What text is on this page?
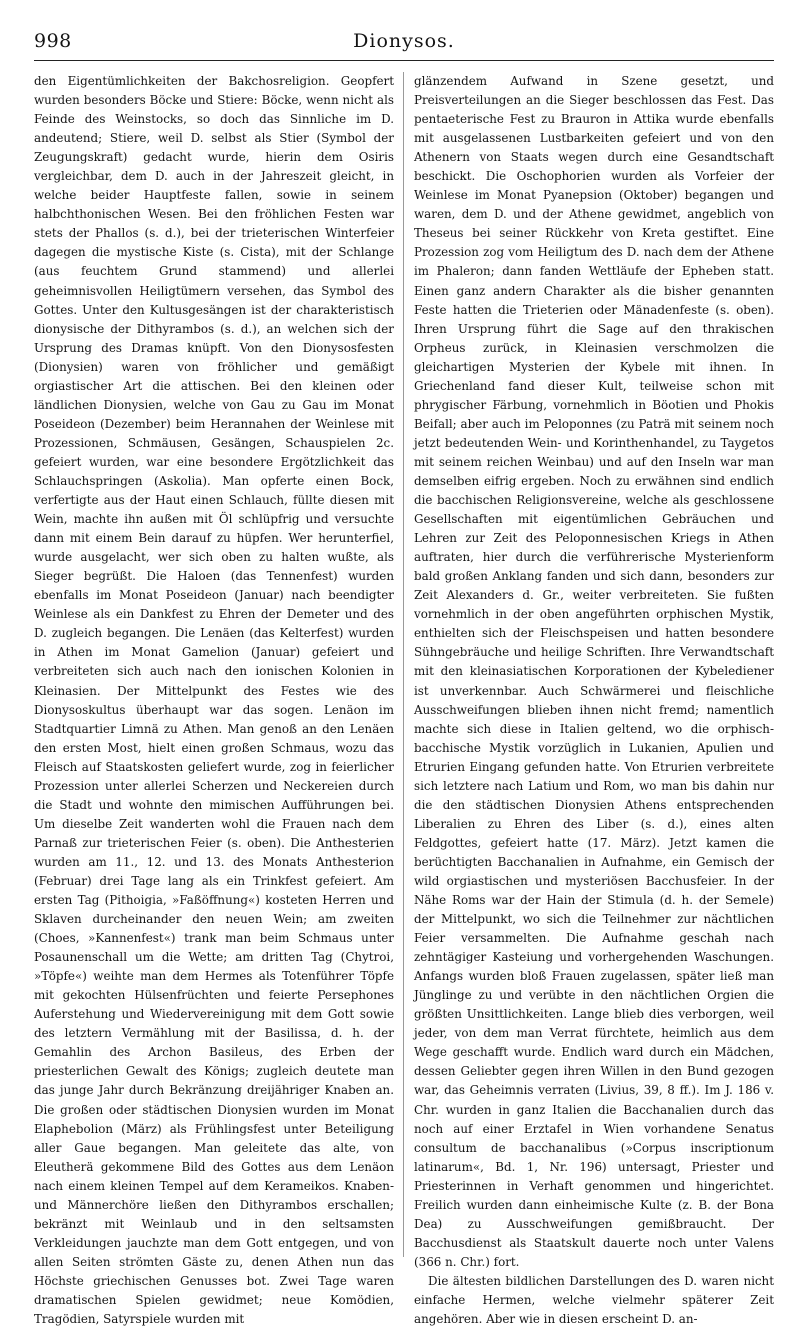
998	Dionysos.

den Eigentümlichkeiten der Bakchosreligion. Geopfert wurden besonders Böcke und Stiere: Böcke, wenn nicht als Feinde des Weinstocks, so doch das Sinnliche im D. andeutend; Stiere, weil D. selbst als Stier (Symbol der Zeugungskraft) gedacht wurde, hierin dem Osiris vergleichbar, dem D. auch in der Jahreszeit gleicht, in welche beider Hauptfeste fallen, sowie in seinem halbchthonischen Wesen. Bei den fröhlichen Festen war stets der Phallos (s. d.), bei der trieterischen Winterfeier dagegen die mystische Kiste (s. Cista), mit der Schlange (aus feuchtem Grund stammend) und allerlei geheimnisvollen Heiligtümern versehen, das Symbol des Gottes. Unter den Kultusgesängen ist der charakteristisch dionysische der Dithyrambos (s. d.), an welchen sich der Ursprung des Dramas knüpft. Von den Dionysosfesten (Dionysien) waren von fröhlicher und gemäßigt orgiastischer Art die attischen. Bei den kleinen oder ländlichen Dionysien, welche von Gau zu Gau im Monat Poseideon (Dezember) beim Herannahen der Weinlese mit Prozessionen, Schmäusen, Gesängen, Schauspielen 2c. gefeiert wurden, war eine besondere Ergötzlichkeit das Schlauchspringen (Askolia). Man opferte einen Bock, verfertigte aus der Haut einen Schlauch, füllte diesen mit Wein, machte ihn außen mit Öl schlüpfrig und versuchte dann mit einem Bein darauf zu hüpfen. Wer herunterfiel, wurde ausgelacht, wer sich oben zu halten wußte, als Sieger begrüßt. Die Haloen (das Tennenfest) wurden ebenfalls im Monat Poseideon (Januar) nach beendigter Weinlese als ein Dankfest zu Ehren der Demeter und des D. zugleich begangen. Die Lenäen (das Kelterfest) wurden in Athen im Monat Gamelion (Januar) gefeiert und verbreiteten sich auch nach den ionischen Kolonien in Kleinasien. Der Mittelpunkt des Festes wie des Dionysoskultus überhaupt war das sogen. Lenäon im Stadtquartier Limnä zu Athen. Man genoß an den Lenäen den ersten Most, hielt einen großen Schmaus, wozu das Fleisch auf Staatskosten geliefert wurde, zog in feierlicher Prozession unter allerlei Scherzen und Neckereien durch die Stadt und wohnte den mimischen Aufführungen bei. Um dieselbe Zeit wanderten wohl die Frauen nach dem Parnaß zur trieterischen Feier (s. oben). Die Anthesterien wurden am 11., 12. und 13. des Monats Anthesterion (Februar) drei Tage lang als ein Trinkfest gefeiert. Am ersten Tag (Pithoigia, »Faßöffnung«) kosteten Herren und Sklaven durcheinander den neuen Wein; am zweiten (Choes, »Kannenfest«) trank man beim Schmaus unter Posaunenschall um die Wette; am dritten Tag (Chytroi, »Töpfe«) weihte man dem Hermes als Totenführer Töpfe mit gekochten Hülsenfrüchten und feierte Persephones Auferstehung und Wiedervereinigung mit dem Gott sowie des letztern Vermählung mit der Basilissa, d. h. der Gemahlin des Archon Basileus, des Erben der priesterlichen Gewalt des Königs; zugleich deutete man das junge Jahr durch Bekränzung dreijähriger Knaben an. Die großen oder städtischen Dionysien wurden im Monat Elaphebolion (März) als Frühlingsfest unter Beteiligung aller Gaue begangen. Man geleitete das alte, von Eleutherä gekommene Bild des Gottes aus dem Lenäon nach einem kleinen Tempel auf dem Kerameikos. Knaben- und Männerchöre ließen den Dithyrambos erschallen; bekränzt mit Weinlaub und in den seltsamsten Verkleidungen jauchzte man dem Gott entgegen, und von allen Seiten strömten Gäste zu, denen Athen nun das Höchste griechischen Genusses bot. Zwei Tage waren dramatischen Spielen gewidmet; neue Komödien, Tragödien, Satyrspiele wurden mit

glänzendem Aufwand in Szene gesetzt, und Preisverteilungen an die Sieger beschlossen das Fest. Das pentaeterische Fest zu Brauron in Attika wurde ebenfalls mit ausgelassenen Lustbarkeiten gefeiert und von den Athenern von Staats wegen durch eine Gesandtschaft beschickt. Die Oschophorien wurden als Vorfeier der Weinlese im Monat Pyanepsion (Oktober) begangen und waren, dem D. und der Athene gewidmet, angeblich von Theseus bei seiner Rückkehr von Kreta gestiftet. Eine Prozession zog vom Heiligtum des D. nach dem der Athene im Phaleron; dann fanden Wettläufe der Epheben statt. Einen ganz andern Charakter als die bisher genannten Feste hatten die Trieterien oder Mänadenfeste (s. oben). Ihren Ursprung führt die Sage auf den thrakischen Orpheus zurück, in Kleinasien verschmolzen die gleichartigen Mysterien der Kybele mit ihnen. In Griechenland fand dieser Kult, teilweise schon mit phrygischer Färbung, vornehmlich in Böotien und Phokis Beifall; aber auch im Peloponnes (zu Paträ mit seinem noch jetzt bedeutenden Wein- und Korinthenhandel, zu Taygetos mit seinem reichen Weinbau) und auf den Inseln war man demselben eifrig ergeben. Noch zu erwähnen sind endlich die bacchischen Religionsvereine, welche als geschlossene Gesellschaften mit eigentümlichen Gebräuchen und Lehren zur Zeit des Peloponnesischen Kriegs in Athen auftraten, hier durch die verführerische Mysterienform bald großen Anklang fanden und sich dann, besonders zur Zeit Alexanders d. Gr., weiter verbreiteten. Sie fußten vornehmlich in der oben angeführten orphischen Mystik, enthielten sich der Fleischspeisen und hatten besondere Sühngebräuche und heilige Schriften. Ihre Verwandtschaft mit den kleinasiatischen Korporationen der Kybelediener ist unverkennbar. Auch Schwärmerei und fleischliche Ausschweifungen blieben ihnen nicht fremd; namentlich machte sich diese in Italien geltend, wo die orphisch-bacchische Mystik vorzüglich in Lukanien, Apulien und Etrurien Eingang gefunden hatte. Von Etrurien verbreitete sich letztere nach Latium und Rom, wo man bis dahin nur die den städtischen Dionysien Athens entsprechenden Liberalien zu Ehren des Liber (s. d.), eines alten Feldgottes, gefeiert hatte (17. März). Jetzt kamen die berüchtigten Bacchanalien in Aufnahme, ein Gemisch der wild orgiastischen und mysteriösen Bacchusfeier. In der Nähe Roms war der Hain der Stimula (d. h. der Semele) der Mittelpunkt, wo sich die Teilnehmer zur nächtlichen Feier versammelten. Die Aufnahme geschah nach zehntägiger Kasteiung und vorhergehenden Waschungen. Anfangs wurden bloß Frauen zugelassen, später ließ man Jünglinge zu und verübte in den nächtlichen Orgien die größten Unsittlichkeiten. Lange blieb dies verborgen, weil jeder, von dem man Verrat fürchtete, heimlich aus dem Wege geschafft wurde. Endlich ward durch ein Mädchen, dessen Geliebter gegen ihren Willen in den Bund gezogen war, das Geheimnis verraten (Livius, 39, 8 ff.). Im J. 186 v. Chr. wurden in ganz Italien die Bacchanalien durch das noch auf einer Erztafel in Wien vorhandene Senatus consultum de bacchanalibus (»Corpus inscriptionum latinarum«, Bd. 1, Nr. 196) untersagt, Priester und Priesterinnen in Verhaft genommen und hingerichtet. Freilich wurden dann einheimische Kulte (z. B. der Bona Dea) zu Ausschweifungen gemißbraucht. Der Bacchusdienst als Staatskult dauerte noch unter Valens (366 n. Chr.) fort.

Die ältesten bildlichen Darstellungen des D. waren nicht einfache Hermen, welche vielmehr späterer Zeit angehören. Aber wie in diesen erscheint D. an-
